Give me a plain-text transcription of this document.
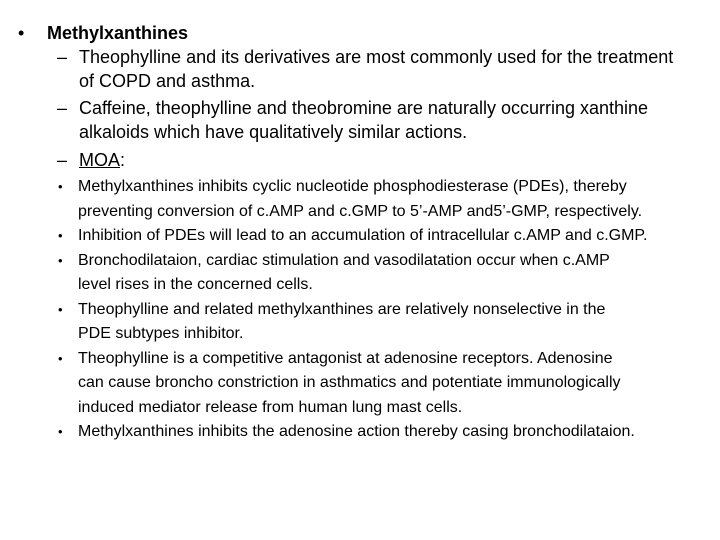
• Methylxanthines
– Theophylline and its derivatives are most commonly used for the treatment
of COPD and asthma.
– Caffeine, theophylline and theobromine are naturally occurring xanthine
alkaloids which have qualitatively similar actions.
– MOA:
• Methylxanthines inhibits cyclic nucleotide phosphodiesterase (PDEs), thereby
preventing conversion of c.AMP and c.GMP to 5’-AMP and5’-GMP, respectively.
• Inhibition of PDEs will lead to an accumulation of intracellular c.AMP and c.GMP.
• Bronchodilataion, cardiac stimulation and vasodilatation occur when c.AMP
level rises in the concerned cells.
• Theophylline and related methylxanthines are relatively nonselective in the
PDE subtypes inhibitor.
• Theophylline is a competitive antagonist at adenosine receptors. Adenosine
can cause broncho constriction in asthmatics and potentiate immunologically
induced mediator release from human lung mast cells.
• Methylxanthines inhibits the adenosine action thereby casing bronchodilataion.
